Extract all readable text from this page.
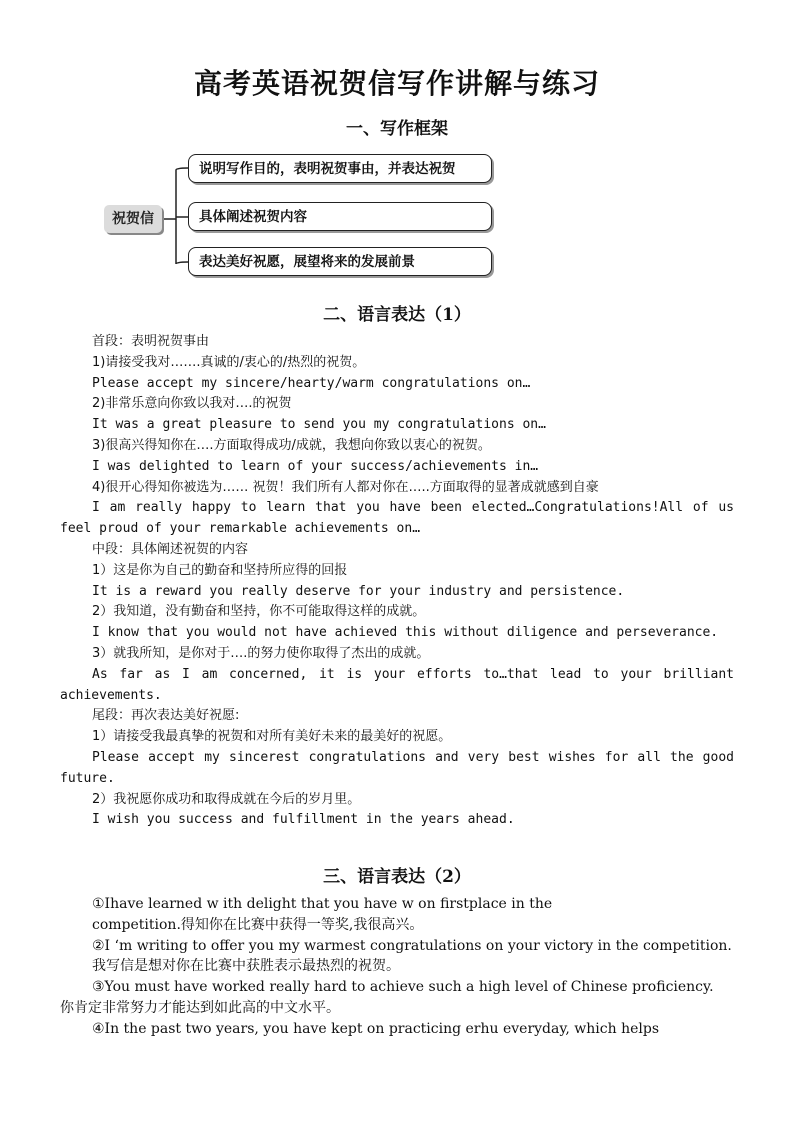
高考英语祝贺信写作讲解与练习
一、写作框架
祝贺信
说明写作目的，表明祝贺事由，并表达祝贺
具体阐述祝贺内容
表达美好祝愿，展望将来的发展前景
二、语言表达（1）

首段：表明祝贺事由

1)请接受我对…….真诚的/衷心的/热烈的祝贺。

Please accept my sincere/hearty/warm congratulations on…

2)非常乐意向你致以我对….的祝贺

It was a great pleasure to send you my congratulations on…

3)很高兴得知你在….方面取得成功/成就，我想向你致以衷心的祝贺。

I was delighted to learn of your success/achievements in…

4)很开心得知你被选为…… 祝贺！我们所有人都对你在…..方面取得的显著成就感到自豪

I am really happy to learn that you have been elected…Congratulations!All of us feel proud of your remarkable achievements on…

中段：具体阐述祝贺的内容

1）这是你为自己的勤奋和坚持所应得的回报

It is a reward you really deserve for your industry and persistence.

2）我知道，没有勤奋和坚持，你不可能取得这样的成就。

I know that you would not have achieved this without diligence and perseverance.

3）就我所知，是你对于….的努力使你取得了杰出的成就。

As far as I am concerned, it is your efforts to…that lead to your brilliant achievements.

尾段：再次表达美好祝愿:

1）请接受我最真挚的祝贺和对所有美好未来的最美好的祝愿。

Please accept my sincerest congratulations and very best wishes for all the good future.

2）我祝愿你成功和取得成就在今后的岁月里。

I wish you success and fulfillment in the years ahead.

三、语言表达（2）

①Ihave learned w ith delight that you have w on firstplace in the

competition.得知你在比赛中获得一等奖,我很高兴。

②I ‘m writing to offer you my warmest congratulations on your victory in the competition.

我写信是想对你在比赛中获胜表示最热烈的祝贺。

③You must have worked really hard to achieve such a high level of Chinese proficiency.

你肯定非常努力才能达到如此高的中文水平。

④In the past two years, you have kept on practicing erhu everyday, which helps
